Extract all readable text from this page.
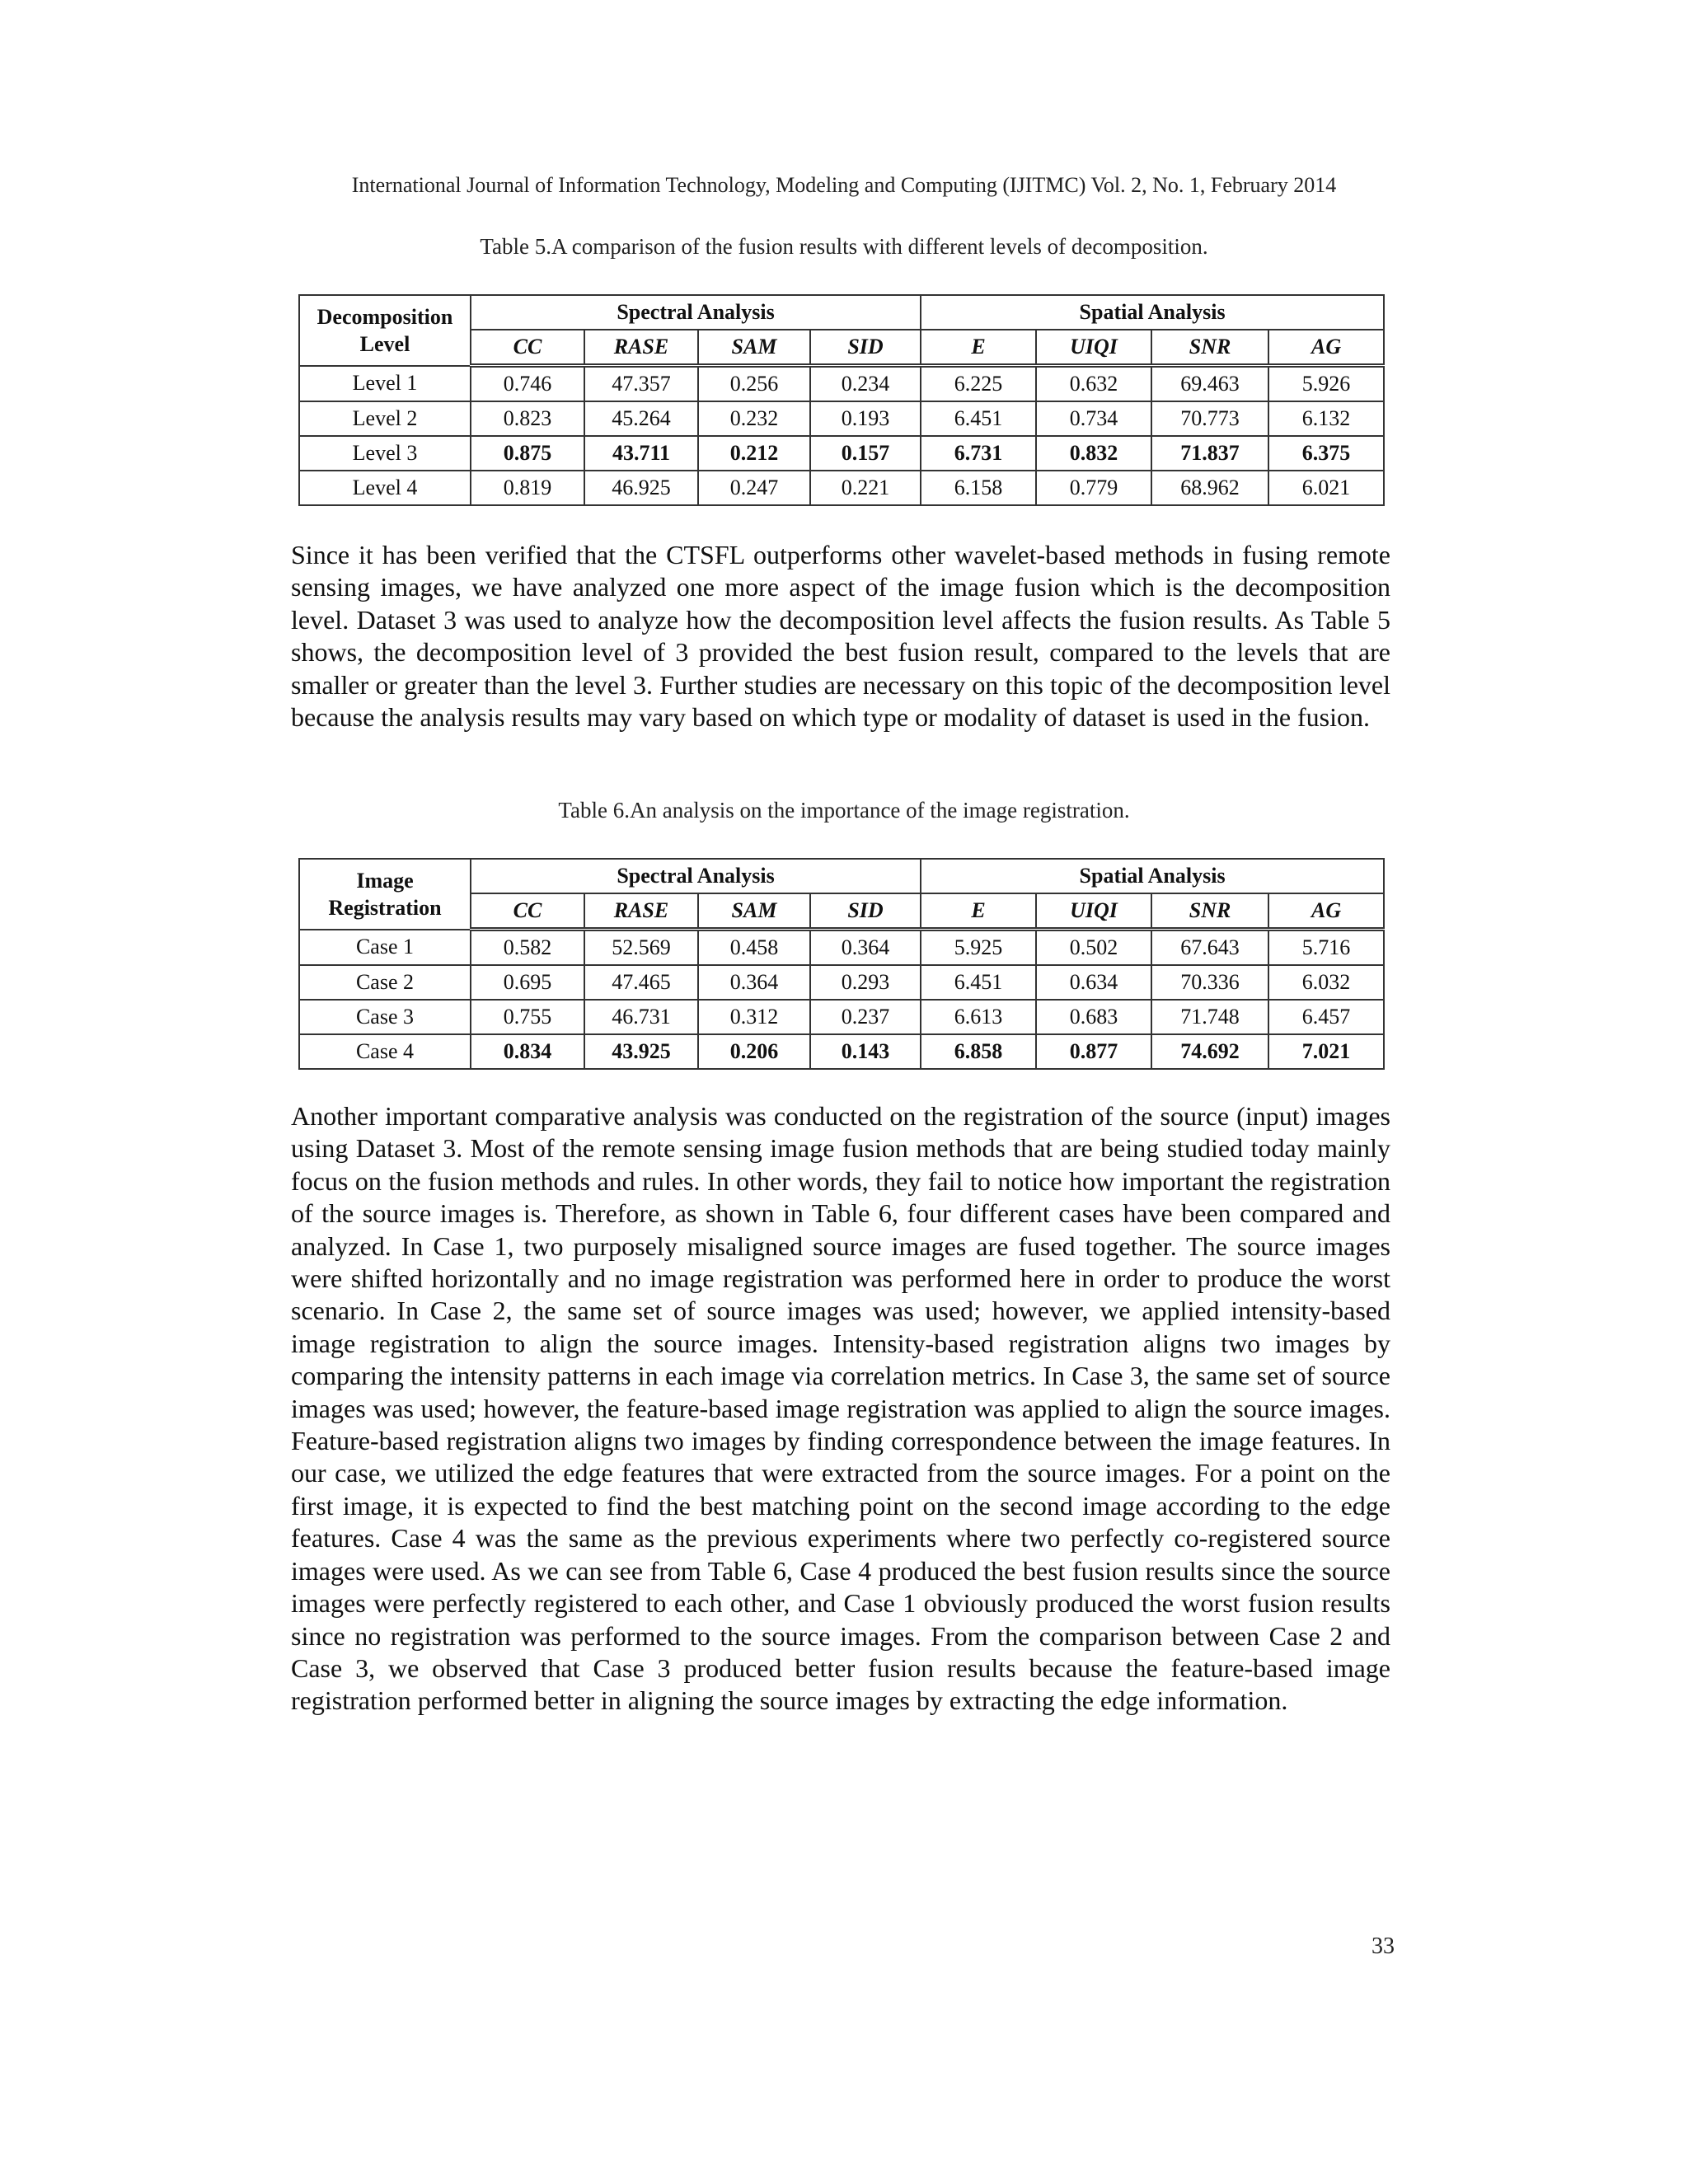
International Journal of Information Technology, Modeling and Computing (IJITMC) Vol. 2, No. 1, February 2014
Table 5.A comparison of the fusion results with different levels of decomposition.
Decomposition
Level	Spectral Analysis				Spatial Analysis			
	CC	RASE	SAM	SID	E	UIQI	SNR	AG
Level 1	0.746	47.357	0.256	0.234	6.225	0.632	69.463	5.926
Level 2	0.823	45.264	0.232	0.193	6.451	0.734	70.773	6.132
Level 3	0.875	43.711	0.212	0.157	6.731	0.832	71.837	6.375
Level 4	0.819	46.925	0.247	0.221	6.158	0.779	68.962	6.021

Since it has been verified that the CTSFL outperforms other wavelet-based methods in fusing remote sensing images, we have analyzed one more aspect of the image fusion which is the decomposition level. Dataset 3 was used to analyze how the decomposition level affects the fusion results. As Table 5 shows, the decomposition level of 3 provided the best fusion result, compared to the levels that are smaller or greater than the level 3. Further studies are necessary on this topic of the decomposition level because the analysis results may vary based on which type or modality of dataset is used in the fusion.

Table 6.An analysis on the importance of the image registration.
Image
Registration	Spectral Analysis				Spatial Analysis			
	CC	RASE	SAM	SID	E	UIQI	SNR	AG
Case 1	0.582	52.569	0.458	0.364	5.925	0.502	67.643	5.716
Case 2	0.695	47.465	0.364	0.293	6.451	0.634	70.336	6.032
Case 3	0.755	46.731	0.312	0.237	6.613	0.683	71.748	6.457
Case 4	0.834	43.925	0.206	0.143	6.858	0.877	74.692	7.021

Another important comparative analysis was conducted on the registration of the source (input) images using Dataset 3. Most of the remote sensing image fusion methods that are being studied today mainly focus on the fusion methods and rules. In other words, they fail to notice how important the registration of the source images is. Therefore, as shown in Table 6, four different cases have been compared and analyzed. In Case 1, two purposely misaligned source images are fused together. The source images were shifted horizontally and no image registration was performed here in order to produce the worst scenario. In Case 2, the same set of source images was used; however, we applied intensity-based image registration to align the source images. Intensity-based registration aligns two images by comparing the intensity patterns in each image via correlation metrics. In Case 3, the same set of source images was used; however, the feature-based image registration was applied to align the source images. Feature-based registration aligns two images by finding correspondence between the image features. In our case, we utilized the edge features that were extracted from the source images. For a point on the first image, it is expected to find the best matching point on the second image according to the edge features. Case 4 was the same as the previous experiments where two perfectly co-registered source images were used. As we can see from Table 6, Case 4 produced the best fusion results since the source images were perfectly registered to each other, and Case 1 obviously produced the worst fusion results since no registration was performed to the source images. From the comparison between Case 2 and Case 3, we observed that Case 3 produced better fusion results because the feature-based image registration performed better in aligning the source images by extracting the edge information.

33
